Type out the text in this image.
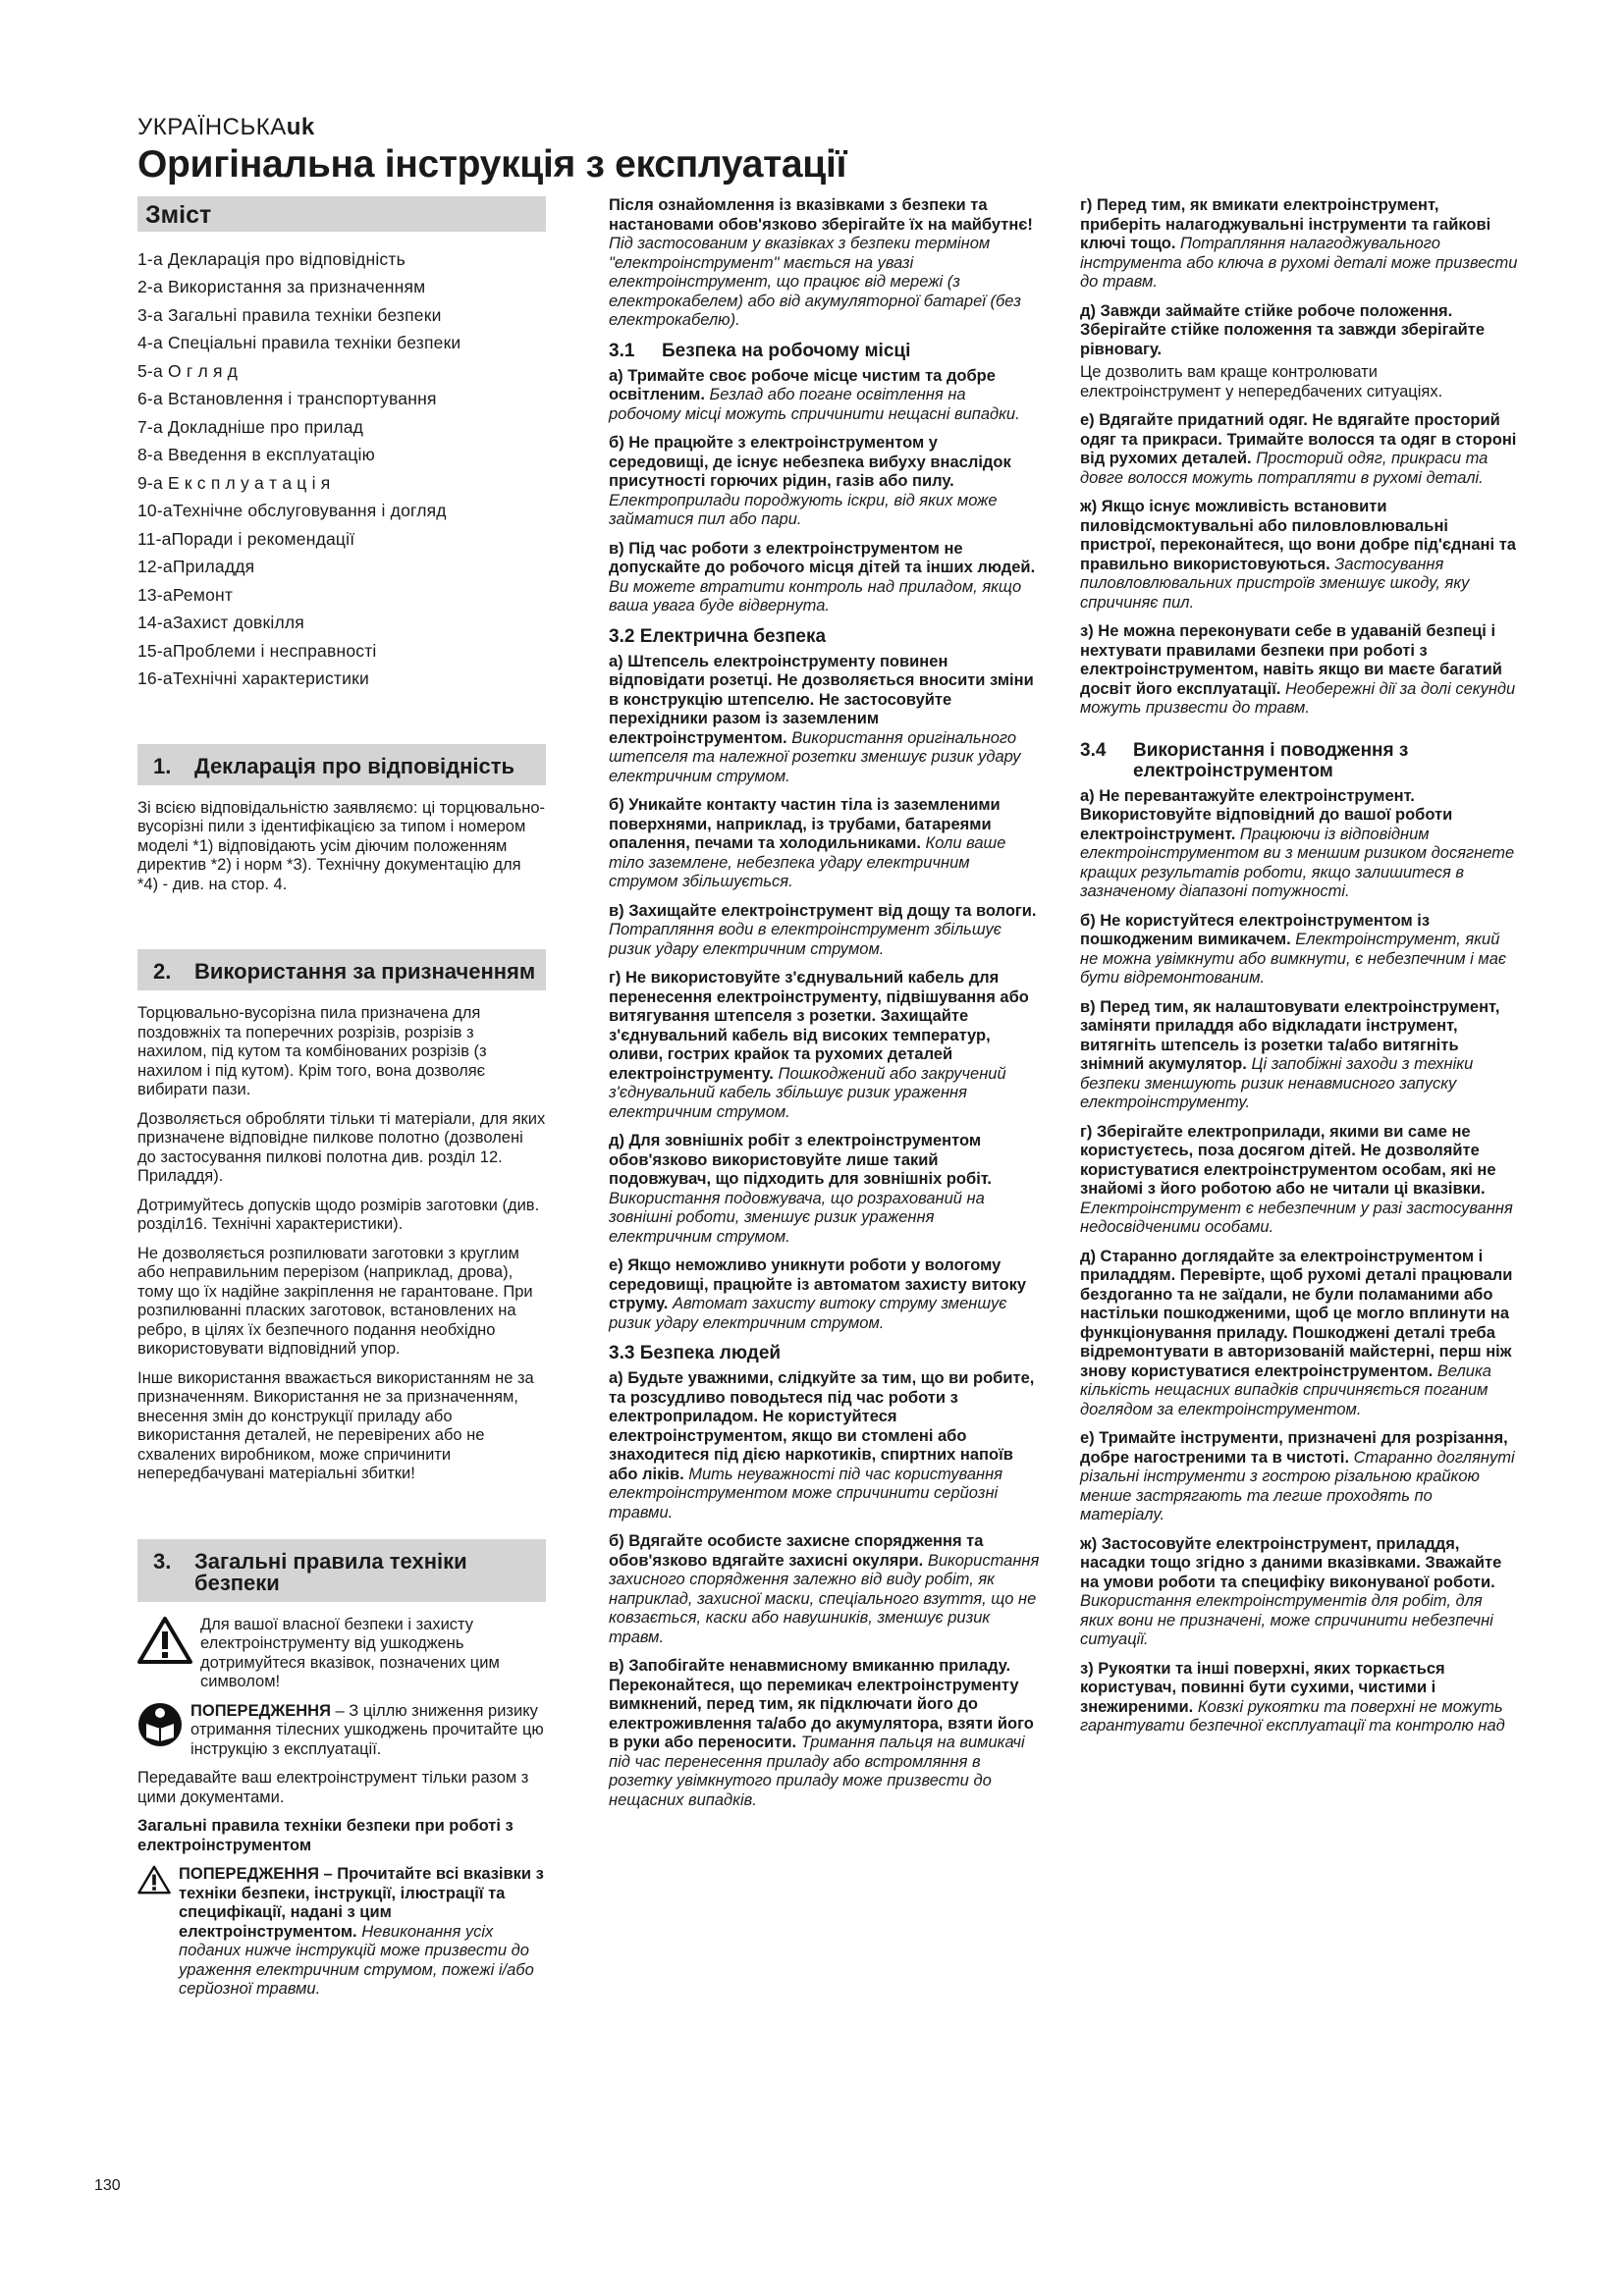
УКРАЇНСЬКАuk
Оригінальна інструкція з експлуатації
Зміст
1-a Декларація про відповідність
2-a Використання за призначенням
3-a Загальні правила техніки безпеки
4-a Спеціальні правила техніки безпеки
5-a О г л я д
6-a Встановлення і транспортування
7-a Докладніше про прилад
8-a Введення в експлуатацію
9-a Е к с п л у а т а ц і я
10-aТехнічне обслуговування і догляд
11-aПоради і рекомендації
12-aПриладдя
13-aРемонт
14-aЗахист довкілля
15-aПроблеми і несправності
16-aТехнічні характеристики
1.	Декларація про відповідність

Зі всією відповідальністю заявляємо: ці торцювально-вусорізні пили з ідентифікацією за типом і номером моделі *1) відповідають усім діючим положенням директив *2) і норм *3). Технічну документацію для *4) - див. на стор. 4.

2.	Використання за призначенням

Торцювально-вусорізна пила призначена для поздовжніх та поперечних розрізів, розрізів з нахилом, під кутом та комбінованих розрізів (з нахилом і під кутом). Крім того, вона дозволяє вибирати пази.

Дозволяється обробляти тільки ті матеріали, для яких призначене відповідне пилкове полотно (дозволені до застосування пилкові полотна див. розділ 12. Приладдя).

Дотримуйтесь допусків щодо розмірів заготовки (див. розділ16. Технічні характеристики).

Не дозволяється розпилювати заготовки з круглим або неправильним перерізом (наприклад, дрова), тому що їх надійне закріплення не гарантоване. При розпилюванні пласких заготовок, встановлених на ребро, в цілях їх безпечного подання необхідно використовувати відповідний упор.

Інше використання вважається використанням не за призначенням. Використання не за призначенням, внесення змін до конструкції приладу або використання деталей, не перевірених або не схвалених виробником, може спричинити непередбачувані матеріальні збитки!

3.	Загальні правила техніки безпеки

Для вашої власної безпеки і захисту електроінструменту від ушкоджень дотримуйтеся вказівок, позначених цим символом!

ПОПЕРЕДЖЕННЯ – З ціллю зниження ризику отримання тілесних ушкоджень прочитайте цю інструкцію з експлуатації.

Передавайте ваш електроінструмент тільки разом з цими документами.

Загальні правила техніки безпеки при роботі з електроінструментом

ПОПЕРЕДЖЕННЯ – Прочитайте всі вказівки з техніки безпеки, інструкції, ілюстрації та специфікації, надані з цим електроінструментом. Невиконання усіх поданих нижче інструкцій може призвести до ураження електричним струмом, пожежі і/або серйозної травми.

Після ознайомлення із вказівками з безпеки та настановами обов'язково зберігайте їх на майбутнє! Під застосованим у вказівках з безпеки терміном "електроінструмент" мається на увазі електроінструмент, що працює від мережі (з електрокабелем) або від акумуляторної батареї (без електрокабелю).

3.1 Безпека на робочому місці

а) Тримайте своє робоче місце чистим та добре освітленим. Безлад або погане освітлення на робочому місці можуть спричинити нещасні випадки.

б) Не працюйте з електроінструментом у середовищі, де існує небезпека вибуху внаслідок присутності горючих рідин, газів або пилу. Електроприлади породжують іскри, від яких може займатися пил або пари.

в) Під час роботи з електроінструментом не допускайте до робочого місця дітей та інших людей. Ви можете втратити контроль над приладом, якщо ваша увага буде відвернута.

3.2 Електрична безпека

а) Штепсель електроінструменту повинен відповідати розетці. Не дозволяється вносити зміни в конструкцію штепселю. Не застосовуйте перехідники разом із заземленим електроінструментом. Використання оригінального штепселя та належної розетки зменшує ризик удару електричним струмом.

б) Уникайте контакту частин тіла із заземленими поверхнями, наприклад, із трубами, батареями опалення, печами та холодильниками. Коли ваше тіло заземлене, небезпека удару електричним струмом збільшується.

в) Захищайте електроінструмент від дощу та вологи. Потрапляння води в електроінструмент збільшує ризик удару електричним струмом.

г) Не використовуйте з'єднувальний кабель для перенесення електроінструменту, підвішування або витягування штепселя з розетки. Захищайте з'єднувальний кабель від високих температур, оливи, гострих крайок та рухомих деталей електроінструменту. Пошкоджений або закручений з'єднувальний кабель збільшує ризик ураження електричним струмом.

д) Для зовнішніх робіт з електроінструментом обов'язково використовуйте лише такий подовжувач, що підходить для зовнішніх робіт. Використання подовжувача, що розрахований на зовнішні роботи, зменшує ризик ураження електричним струмом.

е) Якщо неможливо уникнути роботи у вологому середовищі, працюйте із автоматом захисту витоку струму. Автомат захисту витоку струму зменшує ризик удару електричним струмом.

3.3 Безпека людей

а) Будьте уважними, слідкуйте за тим, що ви робите, та розсудливо поводьтеся під час роботи з електроприладом. Не користуйтеся електроінструментом, якщо ви стомлені або знаходитеся під дією наркотиків, спиртних напоїв або ліків. Мить неуважності під час користування електроінструментом може спричинити серйозні травми.

б) Вдягайте особисте захисне спорядження та обов'язково вдягайте захисні окуляри. Використання захисного спорядження залежно від виду робіт, як наприклад, захисної маски, спеціального взуття, що не ковзається, каски або навушників, зменшує ризик травм.

в) Запобігайте ненавмисному вмиканню приладу. Переконайтеся, що перемикач електроінструменту вимкнений, перед тим, як підключати його до електроживлення та/або до акумулятора, взяти його в руки або переносити. Тримання пальця на вимикачі під час перенесення приладу або встромляння в розетку увімкнутого приладу може призвести до нещасних випадків.

г) Перед тим, як вмикати електроінструмент, приберіть налагоджувальні інструменти та гайкові ключі тощо. Потрапляння налагоджувального інструмента або ключа в рухомі деталі може призвести до травм.

д) Завжди займайте стійке робоче положення. Зберігайте стійке положення та завжди зберігайте рівновагу.

Це дозволить вам краще контролювати електроінструмент у непередбачених ситуаціях.

е) Вдягайте придатний одяг. Не вдягайте просторий одяг та прикраси. Тримайте волосся та одяг в стороні від рухомих деталей. Просторий одяг, прикраси та довге волосся можуть потрапляти в рухомі деталі.

ж) Якщо існує можливість встановити пиловідсмоктувальні або пиловловлювальні пристрої, переконайтеся, що вони добре під'єднані та правильно використовуються. Застосування пиловловлювальних пристроїв зменшує шкоду, яку спричиняє пил.

з) Не можна переконувати себе в удаваній безпеці і нехтувати правилами безпеки при роботі з електроінструментом, навіть якщо ви маєте багатий досвіт його експлуатації. Необережні дії за долі секунди можуть призвести до травм.

3.4	Використання і поводження з електроінструментом

а) Не перевантажуйте електроінструмент. Використовуйте відповідний до вашої роботи електроінструмент. Працюючи із відповідним електроінструментом ви з меншим ризиком досягнете кращих результатів роботи, якщо залишитеся в зазначеному діапазоні потужності.

б) Не користуйтеся електроінструментом із пошкодженим вимикачем. Електроінструмент, який не можна увімкнути або вимкнути, є небезпечним і має бути відремонтованим.

в) Перед тим, як налаштовувати електроінструмент, заміняти приладдя або відкладати інструмент, витягніть штепсель із розетки та/або витягніть знімний акумулятор. Ці запобіжні заходи з техніки безпеки зменшують ризик ненавмисного запуску електроінструменту.

г) Зберігайте електроприлади, якими ви саме не користуєтесь, поза досягом дітей. Не дозволяйте користуватися електроінструментом особам, які не знайомі з його роботою або не читали ці вказівки. Електроінструмент є небезпечним у разі застосування недосвідченими особами.

д) Старанно доглядайте за електроінструментом і приладдям. Перевірте, щоб рухомі деталі працювали бездоганно та не заїдали, не були поламаними або настільки пошкодженими, щоб це могло вплинути на функціонування приладу. Пошкоджені деталі треба відремонтувати в авторизованій майстерні, перш ніж знову користуватися електроінструментом. Велика кількість нещасних випадків спричиняється поганим доглядом за електроінструментом.

е) Тримайте інструменти, призначені для розрізання, добре нагостреними та в чистоті. Старанно доглянуті різальні інструменти з гострою різальною крайкою менше застрягають та легше проходять по матеріалу.

ж) Застосовуйте електроінструмент, приладдя, насадки тощо згідно з даними вказівками. Зважайте на умови роботи та специфіку виконуваної роботи. Використання електроінструментів для робіт, для яких вони не призначені, може спричинити небезпечні ситуації.

з) Рукоятки та інші поверхні, яких торкається користувач, повинні бути сухими, чистими і знежиреними. Ковзкі рукоятки та поверхні не можуть гарантувати безпечної експлуатації та контролю над

130
